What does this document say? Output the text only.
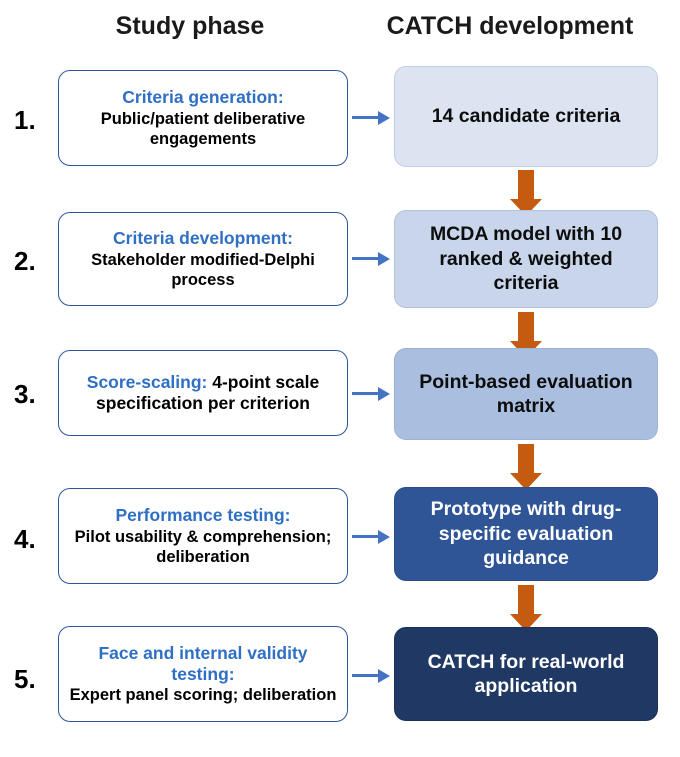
Study phase	CATCH development
1.
Criteria generation:
Public/patient deliberative engagements
14 candidate criteria
2.
Criteria development:
Stakeholder modified-Delphi process
MCDA model with 10 ranked & weighted criteria
3.	Score-scaling: 4-point scale specification per criterion
Point-based evaluation matrix
4.
Performance testing:
Pilot usability & comprehension; deliberation
Prototype with drug-specific evaluation guidance
5.
Face and internal validity testing:
Expert panel scoring; deliberation
CATCH for real-world application
